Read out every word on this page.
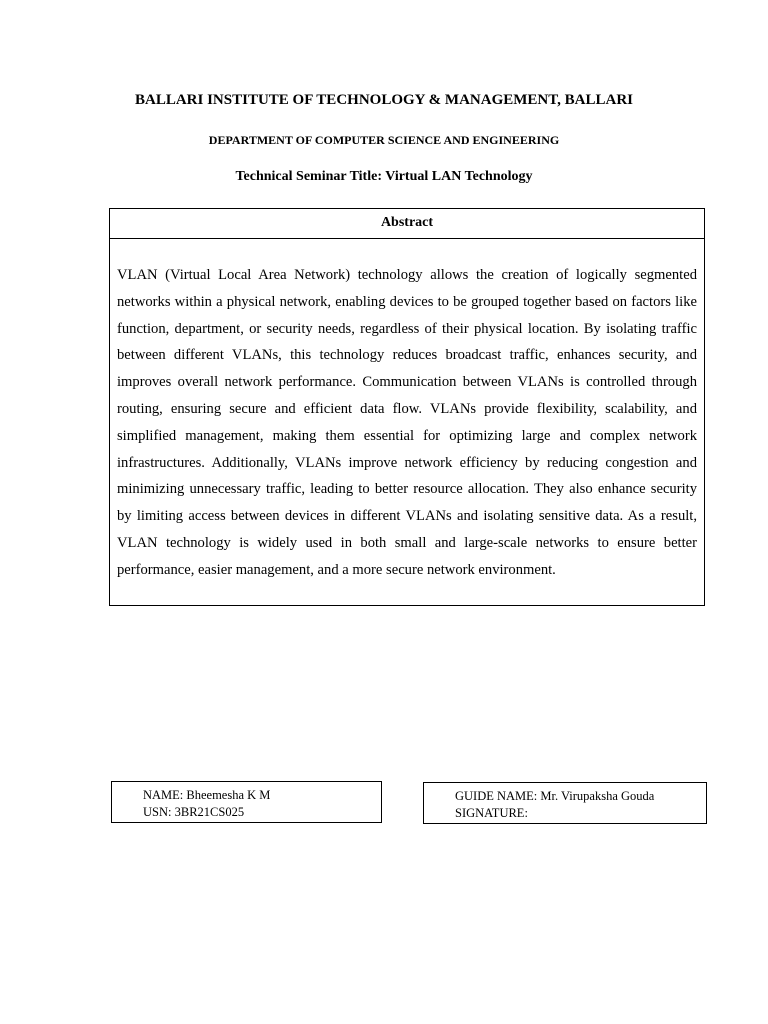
BALLARI INSTITUTE OF TECHNOLOGY & MANAGEMENT, BALLARI
DEPARTMENT OF COMPUTER SCIENCE AND ENGINEERING
Technical Seminar Title: Virtual LAN Technology
Abstract
VLAN (Virtual Local Area Network) technology allows the creation of logically segmented networks within a physical network, enabling devices to be grouped together based on factors like function, department, or security needs, regardless of their physical location. By isolating traffic between different VLANs, this technology reduces broadcast traffic, enhances security, and improves overall network performance. Communication between VLANs is controlled through routing, ensuring secure and efficient data flow. VLANs provide flexibility, scalability, and simplified management, making them essential for optimizing large and complex network infrastructures. Additionally, VLANs improve network efficiency by reducing congestion and minimizing unnecessary traffic, leading to better resource allocation. They also enhance security by limiting access between devices in different VLANs and isolating sensitive data. As a result, VLAN technology is widely used in both small and large-scale networks to ensure better performance, easier management, and a more secure network environment.
NAME: Bheemesha K M
USN: 3BR21CS025
GUIDE NAME: Mr. Virupaksha Gouda
SIGNATURE:
